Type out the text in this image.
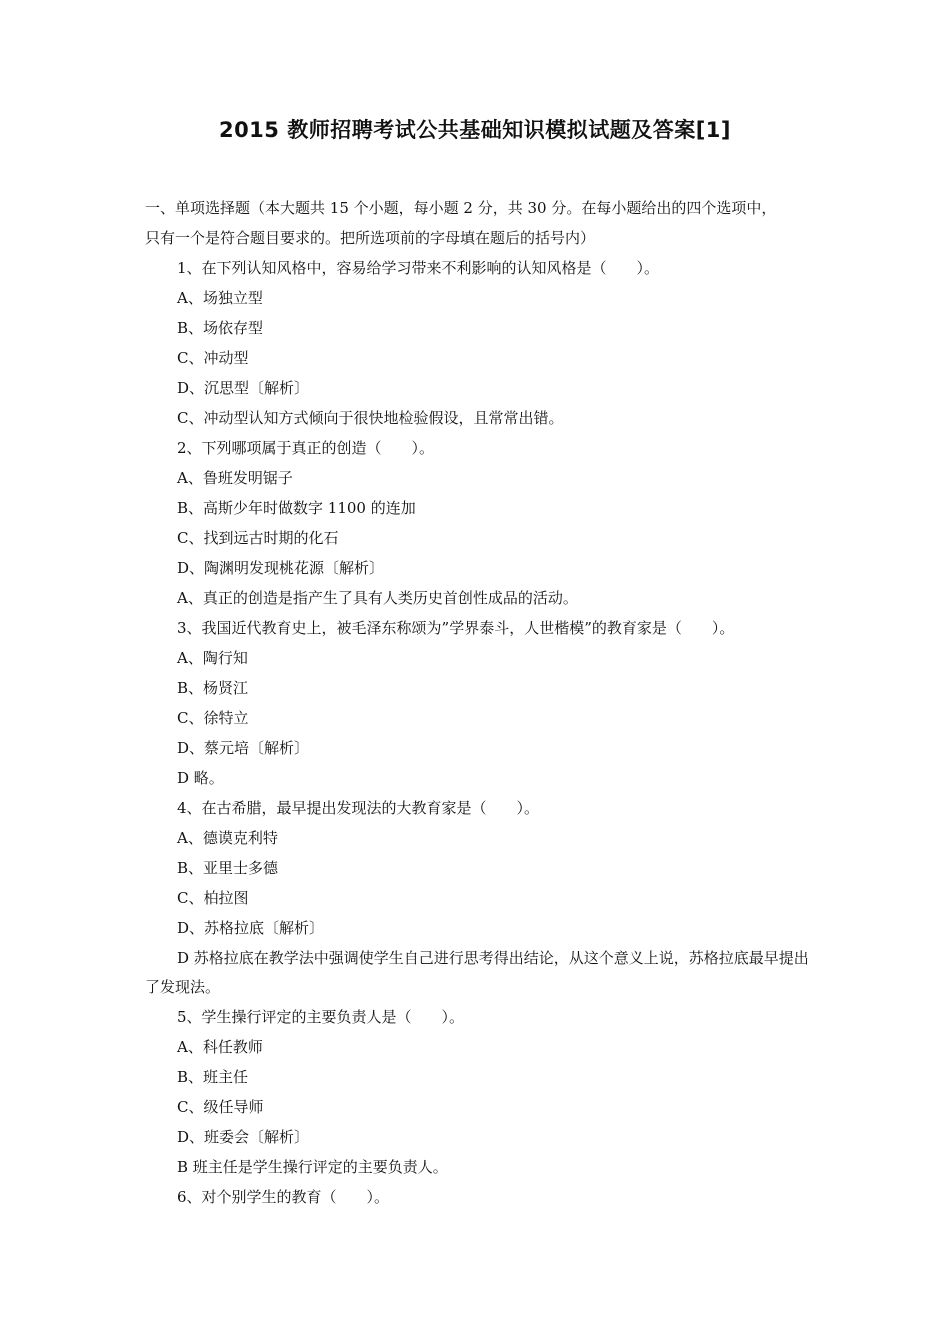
2015 教师招聘考试公共基础知识模拟试题及答案[1]

一、单项选择题（本大题共 15 个小题，每小题 2 分，共 30 分。在每小题给出的四个选项中，

只有一个是符合题目要求的。把所选项前的字母填在题后的括号内）

1、在下列认知风格中，容易给学习带来不利影响的认知风格是（　　）。
A、场独立型
B、场依存型
C、冲动型
D、沉思型〔解析〕
C、冲动型认知方式倾向于很快地检验假设，且常常出错。
2、下列哪项属于真正的创造（　　）。
A、鲁班发明锯子
B、高斯少年时做数字 1100 的连加
C、找到远古时期的化石
D、陶渊明发现桃花源〔解析〕
A、真正的创造是指产生了具有人类历史首创性成品的活动。
3、我国近代教育史上，被毛泽东称颂为”学界泰斗，人世楷模”的教育家是（　　）。
A、陶行知
B、杨贤江
C、徐特立
D、蔡元培〔解析〕
D 略。
4、在古希腊，最早提出发现法的大教育家是（　　）。
A、德谟克利特
B、亚里士多德
C、柏拉图
D、苏格拉底〔解析〕
D 苏格拉底在教学法中强调使学生自己进行思考得出结论，从这个意义上说，苏格拉底最早提出了发现法。
5、学生操行评定的主要负责人是（　　）。
A、科任教师
B、班主任
C、级任导师
D、班委会〔解析〕
B 班主任是学生操行评定的主要负责人。
6、对个别学生的教育（　　）。
